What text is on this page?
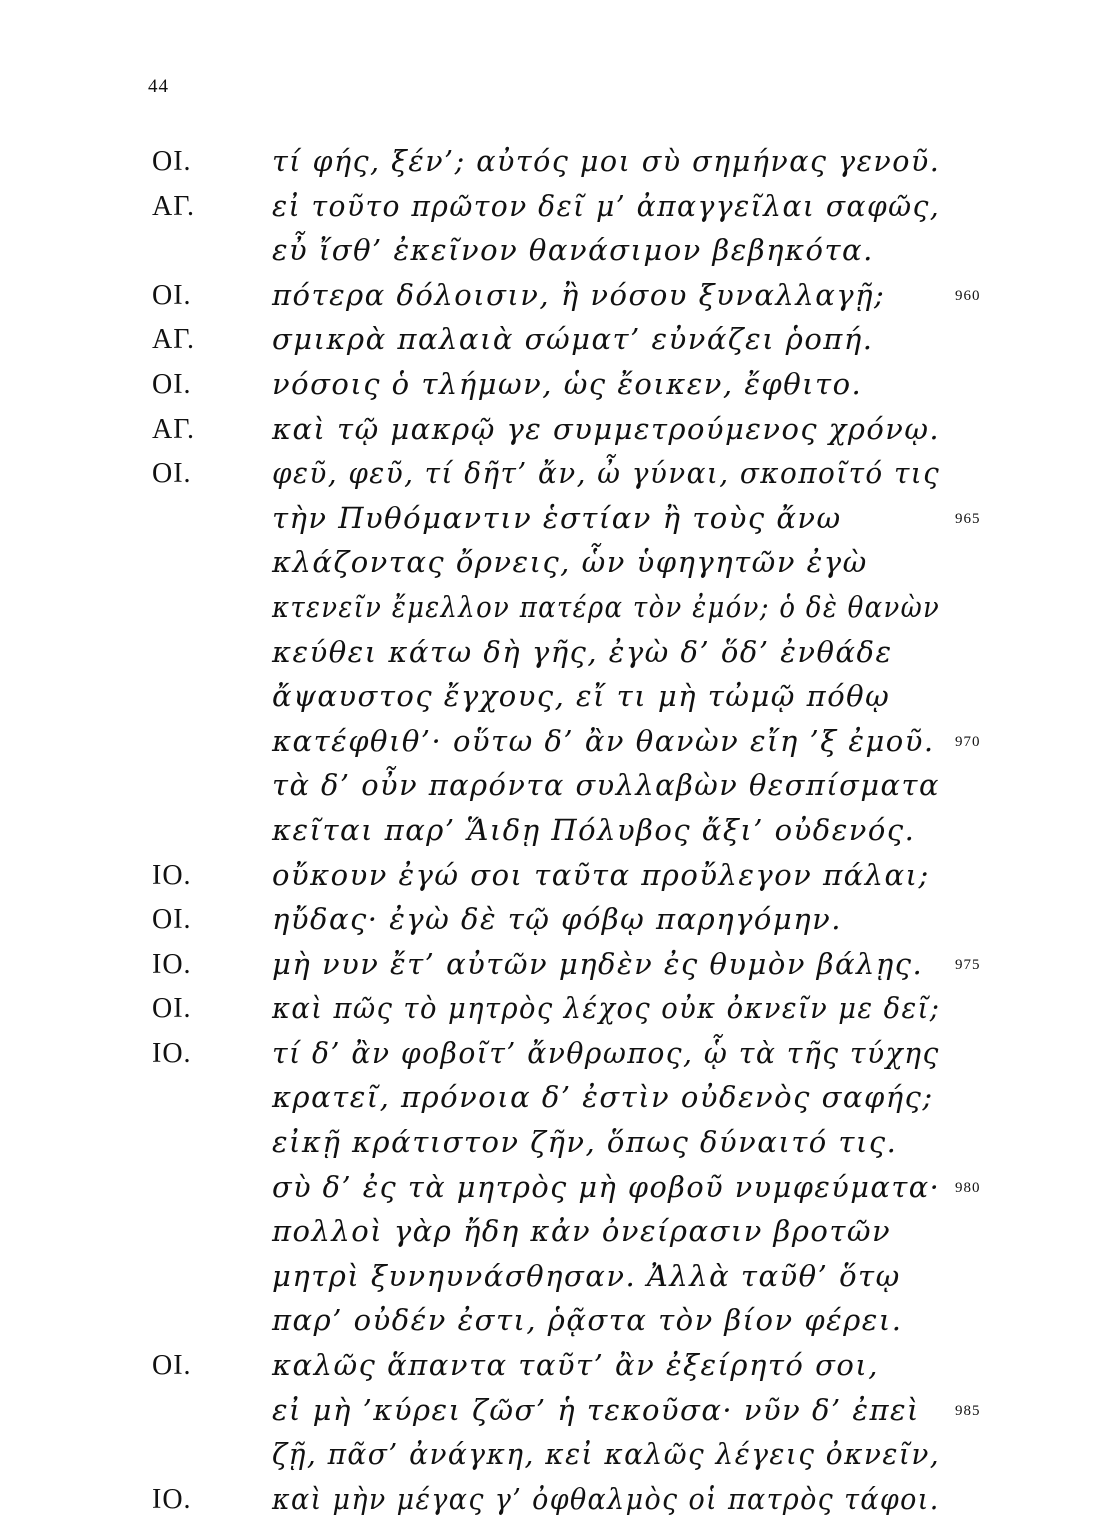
44
ΟΙ.	τί φής, ξέν’; αὐτός μοι σὺ σημήνας γενοῦ.
ΑΓ.	εἰ τοῦτο πρῶτον δεῖ μ’ ἀπαγγεῖλαι σαφῶς,
εὖ ἴσθ’ ἐκεῖνον θανάσιμον βεβηκότα.
ΟΙ.	πότερα δόλοισιν, ἢ νόσου ξυναλλαγῇ;	960
ΑΓ.	σμικρὰ παλαιὰ σώματ’ εὐνάζει ῥοπή.
ΟΙ.	νόσοις ὁ τλήμων, ὡς ἔοικεν, ἔφθιτο.
ΑΓ.	καὶ τῷ μακρῷ γε συμμετρούμενος χρόνῳ.
ΟΙ.	φεῦ, φεῦ, τί δῆτ’ ἄν, ὦ γύναι, σκοποῖτό τις
τὴν Πυθόμαντιν ἑστίαν ἢ τοὺς ἄνω	965
κλάζοντας ὄρνεις, ὧν ὑφηγητῶν ἐγὼ
κτενεῖν ἔμελλον πατέρα τὸν ἐμόν; ὁ δὲ θανὼν
κεύθει κάτω δὴ γῆς, ἐγὼ δ’ ὅδ’ ἐνθάδε
ἄψαυστος ἔγχους, εἴ τι μὴ τὠμῷ πόθῳ
κατέφθιθ’· οὕτω δ’ ἂν θανὼν εἴη ’ξ ἐμοῦ. 970
τὰ δ’ οὖν παρόντα συλλαβὼν θεσπίσματα
κεῖται παρ’ Ἅιδῃ Πόλυβος ἄξι’ οὐδενός.
ΙΟ.	οὔκουν ἐγώ σοι ταῦτα προὔλεγον πάλαι;
ΟΙ.	ηὔδας· ἐγὼ δὲ τῷ φόβῳ παρηγόμην.
ΙΟ.	μὴ νυν ἔτ’ αὐτῶν μηδὲν ἐς θυμὸν βάλῃς. 975
ΟΙ.	καὶ πῶς τὸ μητρὸς λέχος οὐκ ὀκνεῖν με δεῖ;
ΙΟ.	τί δ’ ἂν φοβοῖτ’ ἄνθρωπος, ᾧ τὰ τῆς τύχης
κρατεῖ, πρόνοια δ’ ἐστὶν οὐδενὸς σαφής;
εἰκῇ κράτιστον ζῆν, ὅπως δύναιτό τις.
σὺ δ’ ἐς τὰ μητρὸς μὴ φοβοῦ νυμφεύματα· 980
πολλοὶ γὰρ ἤδη κἀν ὀνείρασιν βροτῶν
μητρὶ ξυνηυνάσθησαν. Ἀλλὰ ταῦθ’ ὅτῳ
παρ’ οὐδέν ἐστι, ῥᾷστα τὸν βίον φέρει.
ΟΙ.	καλῶς ἅπαντα ταῦτ’ ἂν ἐξείρητό σοι,
εἰ μὴ ’κύρει ζῶσ’ ἡ τεκοῦσα· νῦν δ’ ἐπεὶ 985
ζῇ, πᾶσ’ ἀνάγκη, κεἰ καλῶς λέγεις ὀκνεῖν,
ΙΟ.	καὶ μὴν μέγας γ’ ὀφθαλμὸς οἱ πατρὸς τάφοι.
